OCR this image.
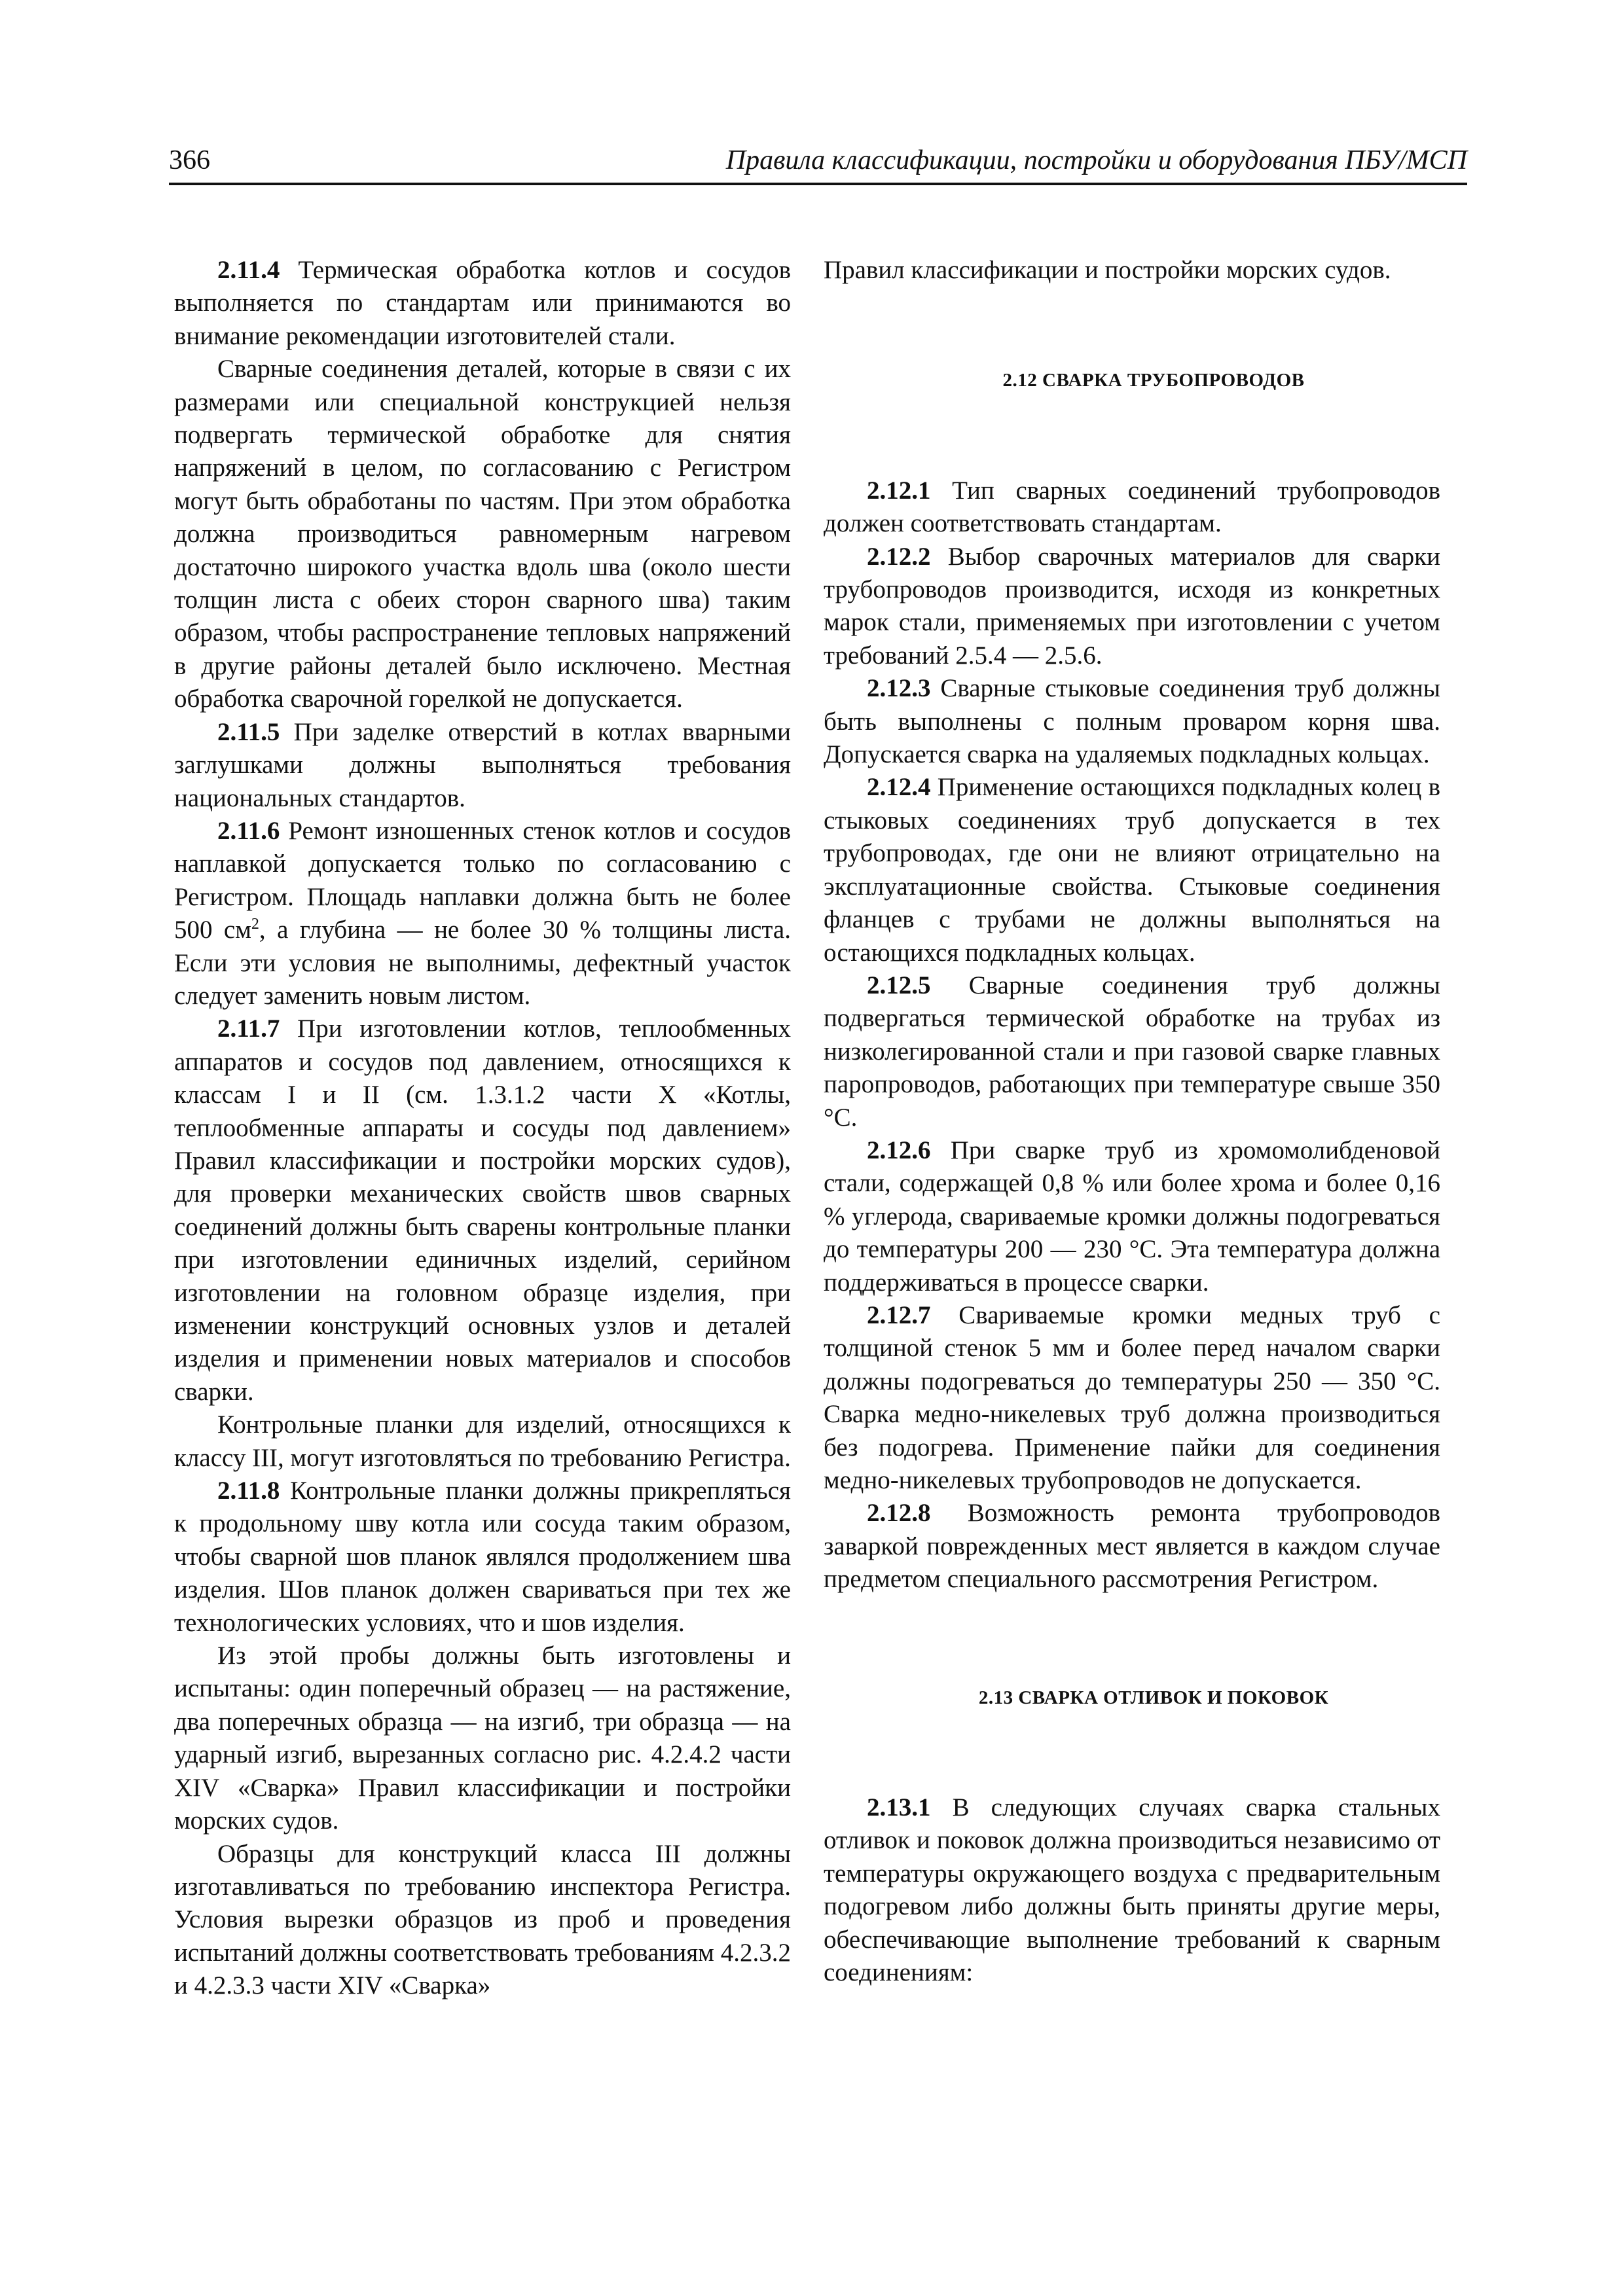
366	Правила классификации, постройки и оборудования ПБУ/МСП

2.11.4 Термическая обработка котлов и сосудов выполняется по стандартам или принимаются во внимание рекомендации изготовителей стали.

Сварные соединения деталей, которые в связи с их размерами или специальной конструкцией нельзя подвергать термической обработке для снятия напряжений в целом, по согласованию с Регистром могут быть обработаны по частям. При этом обработка должна производиться равномерным нагревом достаточно широкого участка вдоль шва (около шести толщин листа с обеих сторон сварного шва) таким образом, чтобы распространение тепловых напряжений в другие районы деталей было исключено. Местная обработка сварочной горелкой не допускается.

2.11.5 При заделке отверстий в котлах вварными заглушками должны выполняться требования национальных стандартов.

2.11.6 Ремонт изношенных стенок котлов и сосудов наплавкой допускается только по согласованию с Регистром. Площадь наплавки должна быть не более 500 $см^2$, а глубина — не более 30 % толщины листа. Если эти условия не выполнимы, дефектный участок следует заменить новым листом.

2.11.7 При изготовлении котлов, теплообменных аппаратов и сосудов под давлением, относящихся к классам I и II (см. 1.3.1.2 части X «Котлы, теплообменные аппараты и сосуды под давлением» Правил классификации и постройки морских судов), для проверки механических свойств швов сварных соединений должны быть сварены контрольные планки при изготовлении единичных изделий, серийном изготовлении на головном образце изделия, при изменении конструкций основных узлов и деталей изделия и применении новых материалов и способов сварки.

Контрольные планки для изделий, относящихся к классу III, могут изготовляться по требованию Регистра.

2.11.8 Контрольные планки должны прикрепляться к продольному шву котла или сосуда таким образом, чтобы сварной шов планок являлся продолжением шва изделия. Шов планок должен свариваться при тех же технологических условиях, что и шов изделия.

Из этой пробы должны быть изготовлены и испытаны: один поперечный образец — на растяжение, два поперечных образца — на изгиб, три образца — на ударный изгиб, вырезанных согласно рис. 4.2.4.2 части XIV «Сварка» Правил классификации и постройки морских судов.

Образцы для конструкций класса III должны изготавливаться по требованию инспектора Регистра. Условия вырезки образцов из проб и проведения испытаний должны соответствовать требованиям 4.2.3.2 и 4.2.3.3 части XIV «Сварка»

Правил классификации и постройки морских судов.

2.12 СВАРКА ТРУБОПРОВОДОВ

2.12.1 Тип сварных соединений трубопроводов должен соответствовать стандартам.

2.12.2 Выбор сварочных материалов для сварки трубопроводов производится, исходя из конкретных марок стали, применяемых при изготовлении с учетом требований 2.5.4 — 2.5.6.

2.12.3 Сварные стыковые соединения труб должны быть выполнены с полным проваром корня шва. Допускается сварка на удаляемых подкладных кольцах.

2.12.4 Применение остающихся подкладных колец в стыковых соединениях труб допускается в тех трубопроводах, где они не влияют отрицательно на эксплуатационные свойства. Стыковые соединения фланцев с трубами не должны выполняться на остающихся подкладных кольцах.

2.12.5 Сварные соединения труб должны подвергаться термической обработке на трубах из низколегированной стали и при газовой сварке главных паропроводов, работающих при температуре свыше 350 °С.

2.12.6 При сварке труб из хромомолибденовой стали, содержащей 0,8 % или более хрома и более 0,16 % углерода, свариваемые кромки должны подогреваться до температуры 200 — 230 °С. Эта температура должна поддерживаться в процессе сварки.

2.12.7 Свариваемые кромки медных труб с толщиной стенок 5 мм и более перед началом сварки должны подогреваться до температуры 250 — 350 °С. Сварка медно-никелевых труб должна производиться без подогрева. Применение пайки для соединения медно-никелевых трубопроводов не допускается.

2.12.8 Возможность ремонта трубопроводов заваркой поврежденных мест является в каждом случае предметом специального рассмотрения Регистром.

2.13 СВАРКА ОТЛИВОК И ПОКОВОК

2.13.1 В следующих случаях сварка стальных отливок и поковок должна производиться независимо от температуры окружающего воздуха с предварительным подогревом либо должны быть приняты другие меры, обеспечивающие выполнение требований к сварным соединениям:
